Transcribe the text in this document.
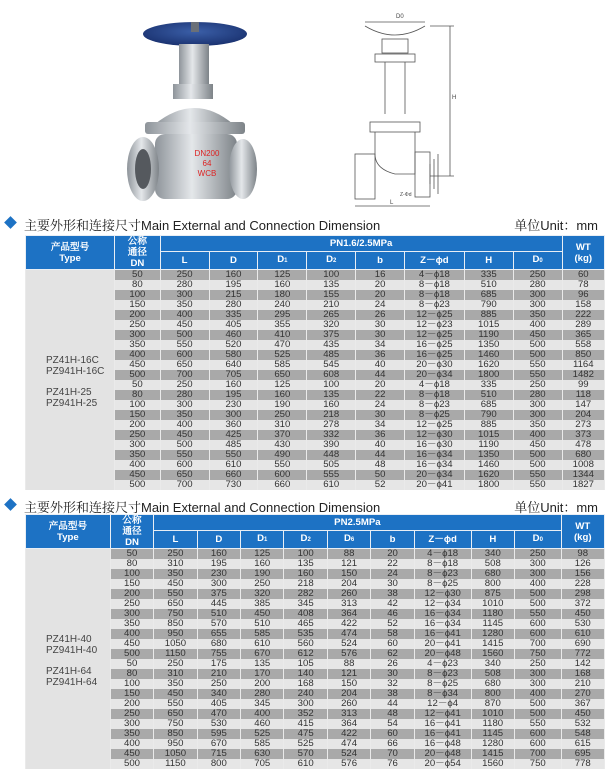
DN200
64
WCB
D0
H
L
Z-Φd
主要外形和连接尺寸Main External and Connection Dimension	单位Unit：mm
产品型号
Type	公称
通径
DN	PN1.6/2.5MPa								WT
(kg)
		L	D	D1	D2	b	Z－ϕd	H	D0	

PZ41H-16C
PZ941H-16C
PZ41H-25
PZ941H-25	50	250	160	125	100	16	4－ϕ18	335	250	60
	80	280	195	160	135	20	8－ϕ18	510	280	78
	100	300	215	180	155	20	8－ϕ18	685	300	96
	150	350	280	240	210	24	8－ϕ23	790	300	158
	200	400	335	295	265	26	12－ϕ25	885	350	222
	250	450	405	355	320	30	12－ϕ23	1015	400	289
	300	500	460	410	375	30	12－ϕ25	1190	450	365
	350	550	520	470	435	34	16－ϕ25	1350	500	558
	400	600	580	525	485	36	16－ϕ25	1460	500	850
	450	650	640	585	545	40	20－ϕ30	1620	550	1164
	500	700	705	650	608	44	20－ϕ34	1800	550	1482
	50	250	160	125	100	20	4－ϕ18	335	250	99
	80	280	195	160	135	22	8－ϕ18	510	280	118
	100	300	230	190	160	24	8－ϕ23	685	300	147
	150	350	300	250	218	30	8－ϕ25	790	300	204
	200	400	360	310	278	34	12－ϕ25	885	350	273
	250	450	425	370	332	36	12－ϕ30	1015	400	373
	300	500	485	430	390	40	16－ϕ30	1190	450	478
	350	550	550	490	448	44	16－ϕ34	1350	500	680
	400	600	610	550	505	48	16－ϕ34	1460	500	1008
	450	650	660	600	555	50	20－ϕ34	1620	550	1344
	500	700	730	660	610	52	20－ϕ41	1800	550	1827
主要外形和连接尺寸Main External and Connection Dimension	单位Unit：mm
产品型号
Type	公称
通径
DN	PN2.5MPa									WT
(kg)
		L	D	D1	D2	D6	b	Z－ϕd	H	D0	

PZ41H-40
PZ941H-40
PZ41H-64
PZ941H-64	50	250	160	125	100	88	20	4－ϕ18	340	250	98
	80	310	195	160	135	121	22	8－ϕ18	508	300	126
	100	350	230	190	160	150	24	8－ϕ23	680	300	156
	150	450	300	250	218	204	30	8－ϕ25	800	400	228
	200	550	375	320	282	260	38	12－ϕ30	875	500	298
	250	650	445	385	345	313	42	12－ϕ34	1010	500	372
	300	750	510	450	408	364	46	16－ϕ34	1180	550	450
	350	850	570	510	465	422	52	16－ϕ34	1145	600	530
	400	950	655	585	535	474	58	16－ϕ41	1280	600	610
	450	1050	680	610	560	524	60	20－ϕ41	1415	700	690
	500	1150	755	670	612	576	62	20－ϕ48	1560	750	772
	50	250	175	135	105	88	26	4－ϕ23	340	250	142
	80	310	210	170	140	121	30	8－ϕ23	508	300	168
	100	350	250	200	168	150	32	8－ϕ25	680	300	210
	150	450	340	280	240	204	38	8－ϕ34	800	400	270
	200	550	405	345	300	260	44	12－ϕ4	870	500	367
	250	650	470	400	352	313	48	12－ϕ41	1010	500	450
	300	750	530	460	415	364	54	16－ϕ41	1180	550	532
	350	850	595	525	475	422	60	16－ϕ41	1145	600	548
	400	950	670	585	525	474	66	16－ϕ48	1280	600	615
	450	1050	715	630	570	524	70	20－ϕ48	1415	700	695
	500	1150	800	705	610	576	76	20－ϕ54	1560	750	778
